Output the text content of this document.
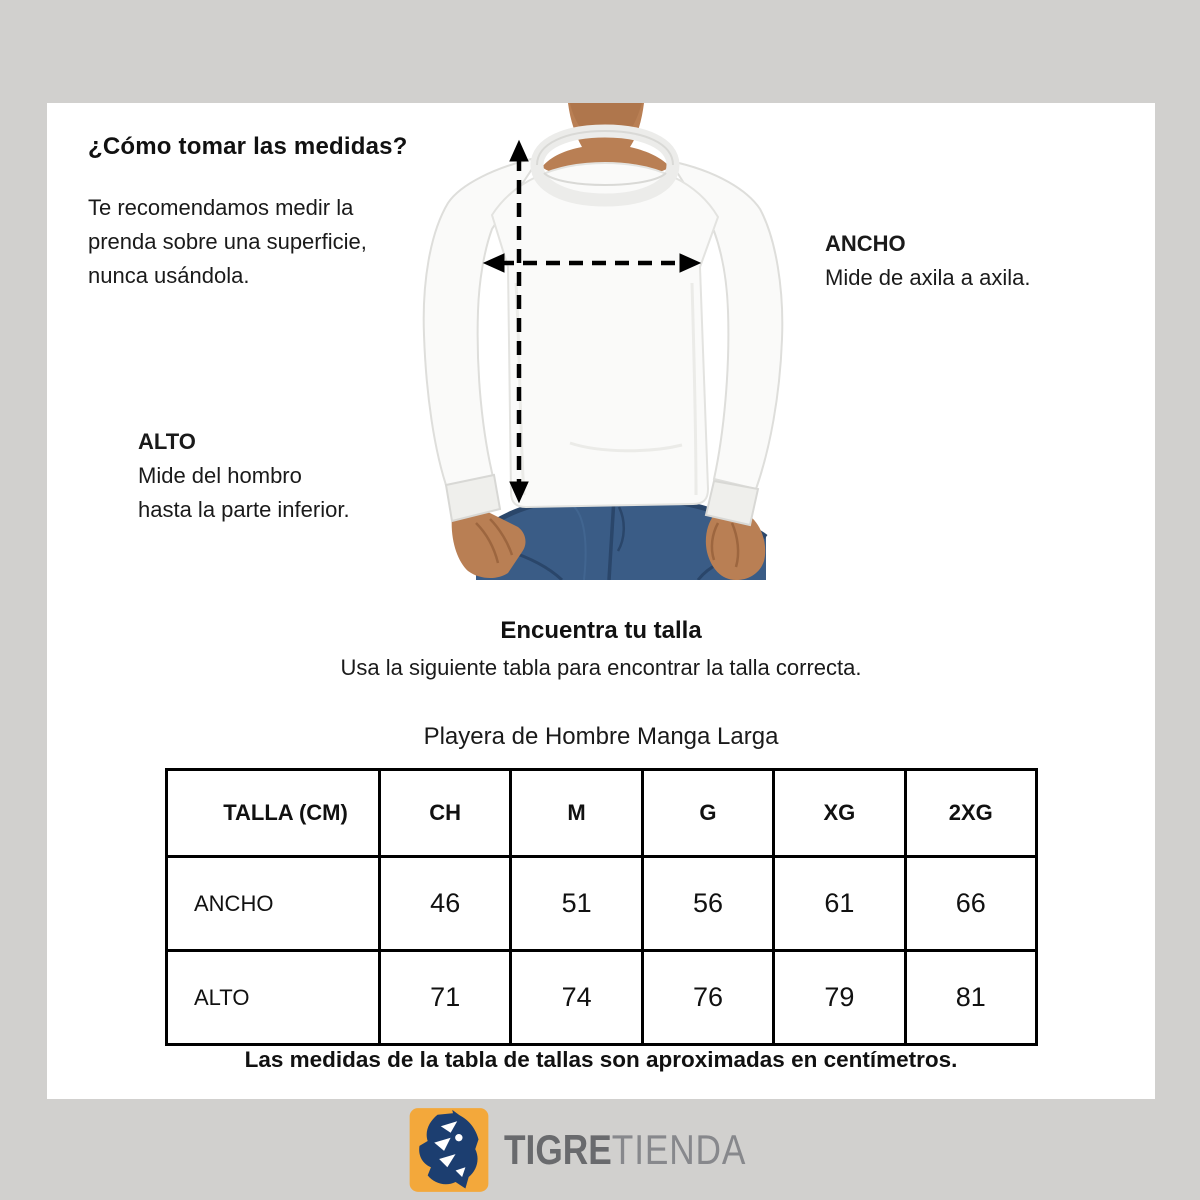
¿Cómo tomar las medidas?
Te recomendamos medir la
prenda sobre una superficie,
nunca usándola.
ANCHO
Mide de axila a axila.
ALTO
Mide del hombro
hasta la parte inferior.
Encuentra tu talla
Usa la siguiente tabla para encontrar la talla correcta.
Playera de Hombre Manga Larga
TALLA (CM)	CH	M	G	XG	2XG
ANCHO	46	51	56	61	66
ALTO	71	74	76	79	81
Las medidas de la tabla de tallas son aproximadas en centímetros.
TIGRE TIENDA
